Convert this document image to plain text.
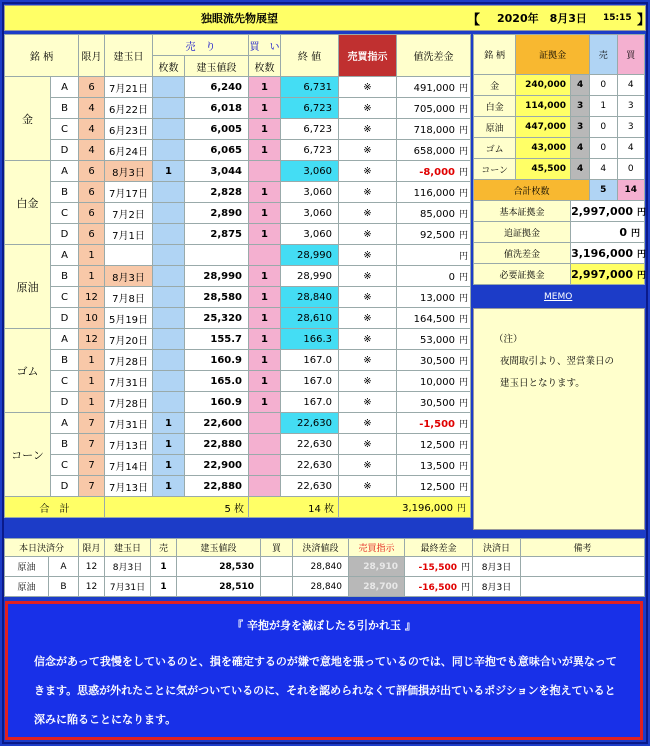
独眼流先物展望	【 2020年　8月3日 15:15 】
銘 柄		限月	建玉日	売　り		買　い	終 値	売買指示	値洗差金
				枚数	建玉値段	枚数			
金	A	6	7月21日		6,240	1	6,731	※	491,000 円
	B	4	6月22日		6,018	1	6,723	※	705,000 円
	C	4	6月23日		6,005	1	6,723	※	718,000 円
	D	4	6月24日		6,065	1	6,723	※	658,000 円
白金	A	6	8月3日	1	3,044		3,060	※	-8,000 円
	B	6	7月17日		2,828	1	3,060	※	116,000 円
	C	6	7月2日		2,890	1	3,060	※	85,000 円
	D	6	7月1日		2,875	1	3,060	※	92,500 円
原油	A	1					28,990	※	円
	B	1	8月3日		28,990	1	28,990	※	0 円
	C	12	7月8日		28,580	1	28,840	※	13,000 円
	D	10	5月19日		25,320	1	28,610	※	164,500 円
ゴム	A	12	7月20日		155.7	1	166.3	※	53,000 円
	B	1	7月28日		160.9	1	167.0	※	30,500 円
	C	1	7月31日		165.0	1	167.0	※	10,000 円
	D	1	7月28日		160.9	1	167.0	※	30,500 円
コーン	A	7	7月31日	1	22,600		22,630	※	-1,500 円
	B	7	7月13日	1	22,880		22,630	※	12,500 円
	C	7	7月14日	1	22,900		22,630	※	13,500 円
	D	7	7月13日	1	22,880		22,630	※	12,500 円
合　計			5 枚			14 枚		3,196,000 円	
銘 柄	証拠金		売	買
金	240,000	4	0	4
白金	114,000	3	1	3
原油	447,000	3	0	3
ゴム	43,000	4	0	4
コーン	45,500	4	4	0
合計枚数			5	14
基本証拠金		2,997,000 円		
追証拠金		0 円		
値洗差金		3,196,000 円		
必要証拠金		2,997,000 円		
MEMO
（注）
夜間取引より、翌営業日の
建玉日となります。
本日決済分		限月	建玉日	売	建玉値段	買	決済値段	売買指示	最終差金	決済日	備考
原油	A	12	8月3日	1	28,530		28,840	28,910	-15,500 円	8月3日	
原油	B	12	7月31日	1	28,510		28,840	28,700	-16,500 円	8月3日	
『 辛抱が身を滅ぼしたる引かれ玉 』
信念があって我慢をしているのと、損を確定するのが嫌で意地を張っているのでは、同じ辛抱でも意味合いが異なってきます。思惑が外れたことに気がついているのに、それを認められなくて評価損が出ているポジションを抱えていると深みに陥ることになります。
